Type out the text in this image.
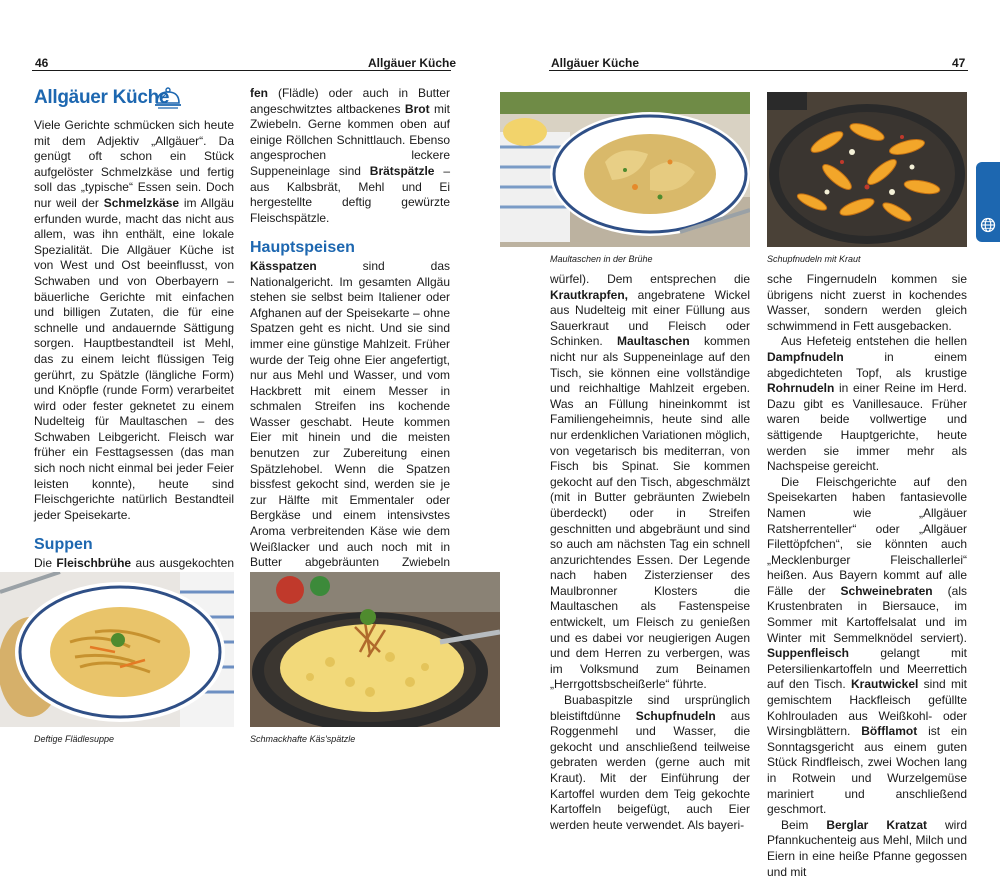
46	Allgäuer Küche	Allgäuer Küche	47
Allgäuer Küche

Viele Gerichte schmücken sich heute mit dem Adjektiv „Allgäuer“. Da genügt oft schon ein Stück aufgelöster Schmelzkäse und fertig soll das „typische“ Essen sein. Doch nur weil der Schmelzkäse im Allgäu erfunden wurde, macht das nicht aus allem, was ihn enthält, eine lokale Spezialität. Die Allgäuer Küche ist von West und Ost beeinflusst, von Schwaben und von Oberbayern – bäuerliche Gerichte mit einfachen und billigen Zutaten, die für eine schnelle und andauernde Sättigung sorgen. Hauptbestandteil ist Mehl, das zu einem leicht flüssigen Teig gerührt, zu Spätzle (längliche Form) und Knöpfle (runde Form) verarbeitet wird oder fester geknetet zu einem Nudelteig für Maultaschen – des Schwaben Leibgericht. Fleisch war früher ein Festtagsessen (das man sich noch nicht einmal bei jeder Feier leisten konnte), heute sind Fleischgerichte natürlich Bestandteil jeder Speisekarte.

Suppen

Die Fleischbrühe aus ausgekochten

fen (Flädle) oder auch in Butter angeschwitztes altbackenes Brot mit Zwiebeln. Gerne kommen oben auf einige Röllchen Schnittlauch. Ebenso angesprochen leckere Suppeneinlage sind Brätspätzle – aus Kalbsbrät, Mehl und Ei hergestellte deftig gewürzte Fleischspätzle.

Hauptspeisen

Kässpatzen	sind das Nationalgericht. Im gesamten Allgäu stehen sie selbst beim Italiener oder Afghanen auf der Speisekarte – ohne Spatzen geht es nicht. Und sie sind immer eine günstige Mahlzeit. Früher wurde der Teig ohne Eier angefertigt, nur aus Mehl und Wasser, und vom Hackbrett mit einem Messer in schmalen Streifen ins kochende Wasser geschabt. Heute kommen Eier mit hinein und die meisten benutzen zur Zubereitung einen Spätzlehobel. Wenn die Spatzen bissfest gekocht sind, werden sie je zur Hälfte mit Emmentaler oder Bergkäse und einem intensivstes Aroma verbreitenden Käse wie dem Weißlacker und auch noch mit in Butter abgebräunten Zwiebeln

würfel). Dem entsprechen die Krautkrapfen, angebratene Wickel aus Nudelteig mit einer Füllung aus Sauerkraut und Fleisch oder Schinken. Maultaschen kommen nicht nur als Suppeneinlage auf den Tisch, sie können eine vollständige und reichhaltige Mahlzeit ergeben. Was an Füllung hineinkommt ist Familiengeheimnis, heute sind alle nur erdenklichen Variationen möglich, von vegetarisch bis mediterran, von Fisch bis Spinat. Sie kommen gekocht auf den Tisch, abgeschmälzt (mit in Butter gebräunten Zwiebeln überdeckt) oder in Streifen geschnitten und abgebräunt und sind so auch am nächsten Tag ein schnell anzurichtendes Essen. Der Legende nach haben Zisterzienser des Maulbronner Klosters die Maultaschen als Fastenspeise entwickelt, um Fleisch zu genießen und es dabei vor neugierigen Augen und dem Herren zu verbergen, was im Volksmund zum Beinamen „Herrgottsbscheißerle“ führte.

Buabaspitzle sind ursprünglich bleistiftdünne Schupfnudeln aus Roggenmehl und Wasser, die gekocht und anschließend teilweise gebraten werden (gerne auch mit Kraut). Mit der Einführung der Kartoffel wurden dem Teig gekochte Kartoffeln beigefügt, auch Eier werden heute verwendet. Als bayeri-

sche Fingernudeln kommen sie übrigens nicht zuerst in kochendes Wasser, sondern werden gleich schwimmend in Fett ausgebacken.

Aus Hefeteig entstehen die hellen Dampfnudeln in einem abgedichteten Topf, als krustige Rohrnudeln in einer Reine im Herd. Dazu gibt es Vanillesauce. Früher waren beide vollwertige und sättigende Hauptgerichte, heute werden sie immer mehr als Nachspeise gereicht.

Die Fleischgerichte auf den Speisekarten haben fantasievolle Namen wie „Allgäuer Ratsherrenteller“ oder „Allgäuer Filettöpfchen“, sie könnten auch „Mecklenburger Fleischallerlei“ heißen. Aus Bayern kommt auf alle Fälle der Schweinebraten (als Krustenbraten in Biersauce, im Sommer mit Kartoffelsalat und im Winter mit Semmelknödel serviert). Suppenfleisch gelangt mit Petersilienkartoffeln und Meerrettich auf den Tisch. Krautwickel sind mit gemischtem Hackfleisch gefüllte Kohlrouladen aus Weißkohl- oder Wirsingblättern. Böfflamot ist ein Sonntagsgericht aus einem guten Stück Rindfleisch, zwei Wochen lang in Rotwein und Wurzelgemüse mariniert und anschließend geschmort.

Beim Berglar Kratzat wird Pfannkuchenteig aus Mehl, Milch und Eiern in eine heiße Pfanne gegossen und mit

Maultaschen in der Brühe	Schupfnudeln mit Kraut
Deftige Flädlesuppe	Schmackhafte Käs'spätzle
